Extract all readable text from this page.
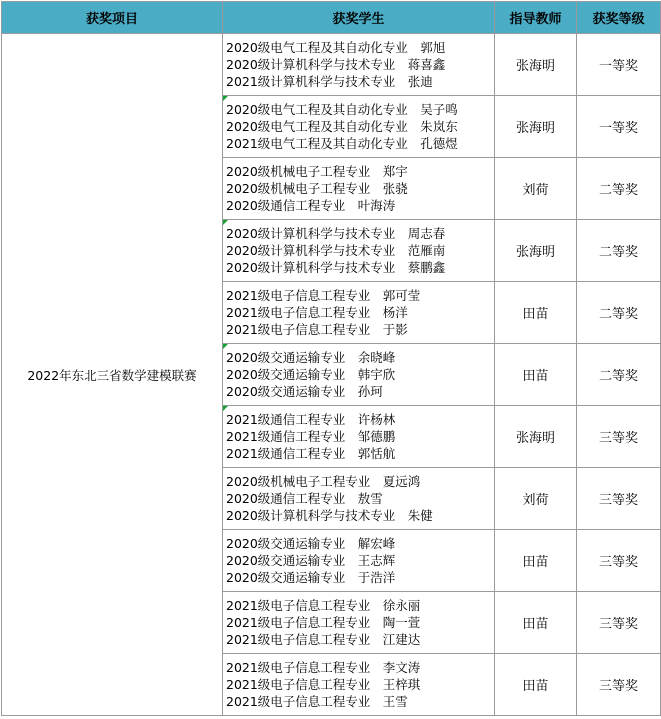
获奖项目	获奖学生	指导教师	获奖等级
2022年东北三省数学建模联赛	2020级电气工程及其自动化专业　郭旭
2020级计算机科学与技术专业　蒋喜鑫
2021级计算机科学与技术专业　张迪	张海明	一等奖

	2020级电气工程及其自动化专业　吴子鸣
2020级电气工程及其自动化专业　朱岚东
2021级电气工程及其自动化专业　孔德煜	张海明	一等奖

	2020级机械电子工程专业　郑宇
2020级机械电子工程专业　张骁
2020级通信工程专业　叶海涛	刘荷	二等奖

	2020级计算机科学与技术专业　周志春
2020级计算机科学与技术专业　范雁南
2020级计算机科学与技术专业　蔡鹏鑫	张海明	二等奖

	2021级电子信息工程专业　郭可莹
2021级电子信息工程专业　杨洋
2021级电子信息工程专业　于影	田苗	二等奖

	2020级交通运输专业　余晓峰
2020级交通运输专业　韩宇欣
2020级交通运输专业　孙珂	田苗	二等奖

	2021级通信工程专业　许杨林
2021级通信工程专业　邹德鹏
2021级通信工程专业　郭恬航	张海明	三等奖

	2020级机械电子工程专业　夏远鸿
2020级通信工程专业　敖雪
2020级计算机科学与技术专业　朱健	刘荷	三等奖

	2020级交通运输专业　解宏峰
2020级交通运输专业　王志辉
2020级交通运输专业　于浩洋	田苗	三等奖

	2021级电子信息工程专业　徐永丽
2021级电子信息工程专业　陶一萱
2021级电子信息工程专业　江建达	田苗	三等奖

	2021级电子信息工程专业　李文涛
2021级电子信息工程专业　王梓琪
2021级电子信息工程专业　王雪	田苗	三等奖
